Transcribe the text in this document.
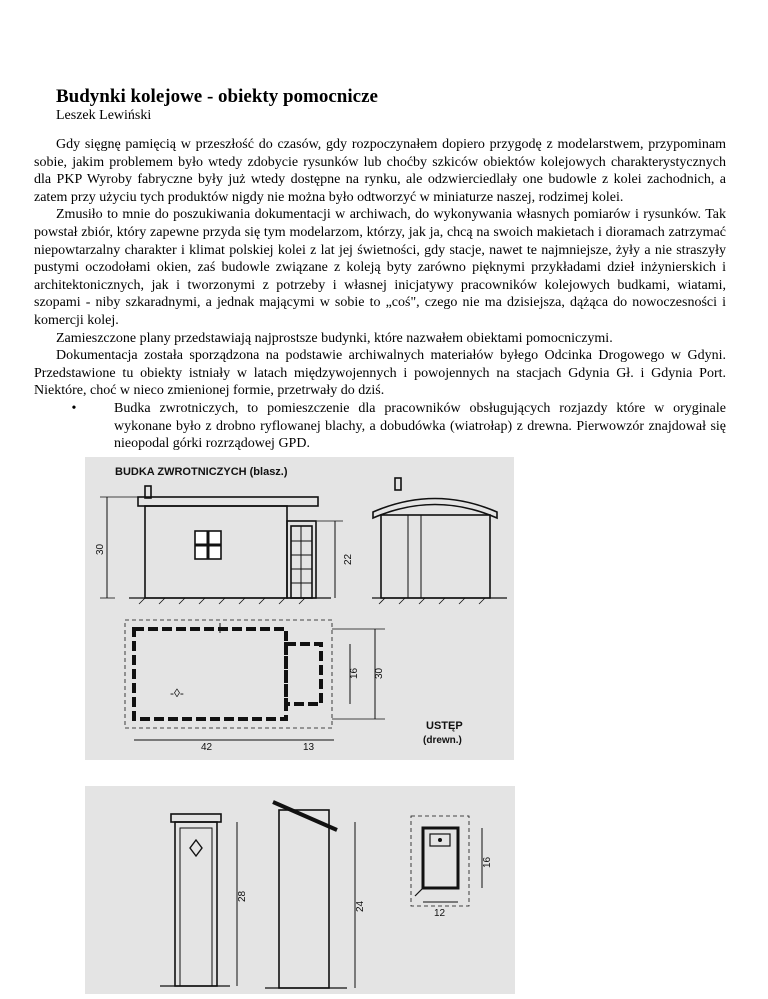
Budynki kolejowe - obiekty pomocnicze
Leszek Lewiński

Gdy sięgnę pamięcią w przeszłość do czasów, gdy rozpoczynałem dopiero przygodę z modelarstwem, przypominam sobie, jakim problemem było wtedy zdobycie rysunków lub choćby szkiców obiektów kolejowych charakterystycznych dla PKP Wyroby fabryczne były już wtedy dostępne na rynku, ale odzwierciedlały one budowle z kolei zachodnich, a zatem przy użyciu tych produktów nigdy nie można było odtworzyć w miniaturze naszej, rodzimej kolei.

Zmusiło to mnie do poszukiwania dokumentacji w archiwach, do wykonywania własnych pomiarów i rysunków. Tak powstał zbiór, który zapewne przyda się tym modelarzom, którzy, jak ja, chcą na swoich makietach i dioramach zatrzymać niepowtarzalny charakter i klimat polskiej kolei z lat jej świetności, gdy stacje, nawet te najmniejsze, żyły a nie straszyły pustymi oczodołami okien, zaś budowle związane z koleją byty zarówno pięknymi przykładami dzieł inżynierskich i architektonicznych, jak i tworzonymi z potrzeby i własnej inicjatywy pracowników kolejowych budkami, wiatami, szopami - niby szkaradnymi, a jednak mającymi w sobie to „coś", czego nie ma dzisiejsza, dążąca do nowoczesności i komercji kolej.

Zamieszczone plany przedstawiają najprostsze budynki, które nazwałem obiektami pomocniczymi.

Dokumentacja została sporządzona na podstawie archiwalnych materiałów byłego Odcinka Drogowego w Gdyni. Przedstawione tu obiekty istniały w latach międzywojennych i powojennych na stacjach Gdynia Gł. i Gdynia Port. Niektóre, choć w nieco zmienionej formie, przetrwały do dziś.

•	Budka zwrotniczych, to pomieszczenie dla pracowników obsługujących rozjazdy które w oryginale wykonane było z drobno ryflowanej blachy, a dobudówka (wiatrołap) z drewna. Pierwowzór znajdował się nieopodal górki rozrządowej GPD.
BUDKA ZWROTNICZYCH (blasz.)
30
22
-◊-
16 30
42	13
USTĘP
(drewn.)
28
24
16
12
